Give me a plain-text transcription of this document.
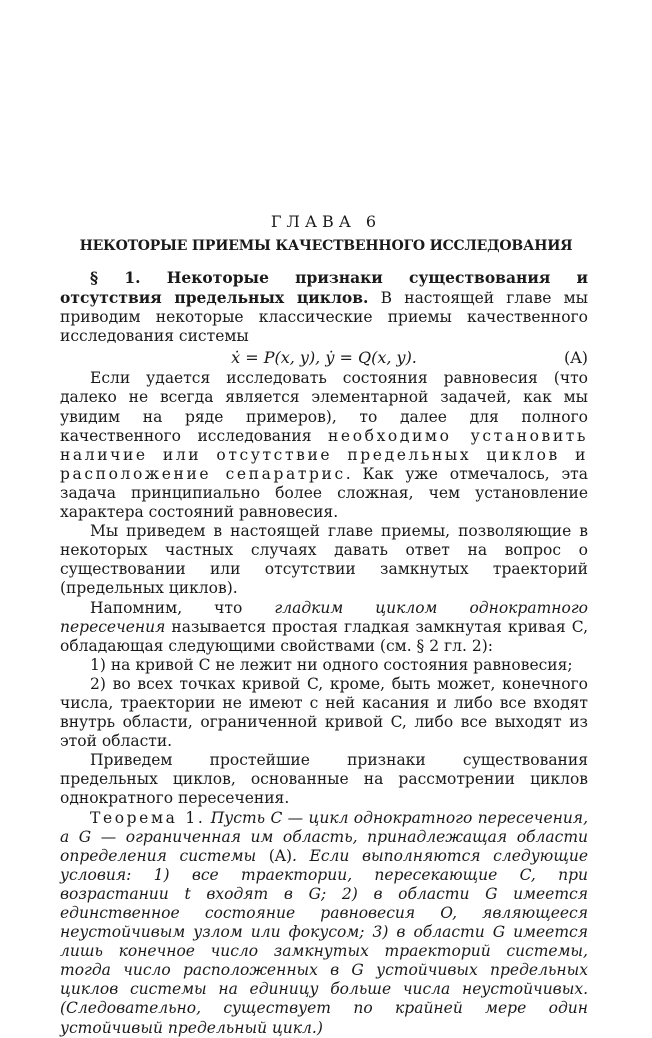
ГЛАВА 6
НЕКОТОРЫЕ ПРИЕМЫ КАЧЕСТВЕННОГО ИССЛЕДОВАНИЯ

§ 1. Некоторые признаки существования и отсутствия предельных циклов. В настоящей главе мы приводим некоторые классические приемы качественного исследования системы

ẋ = P(x, y), ẏ = Q(x, y).	(A)

Если удается исследовать состояния равновесия (что далеко не всегда является элементарной задачей, как мы увидим на ряде примеров), то далее для полного качественного исследования необходимо установить наличие или отсутствие предельных циклов и расположение сепаратрис. Как уже отмечалось, эта задача принципиально более сложная, чем установление характера состояний равновесия.

Мы приведем в настоящей главе приемы, позволяющие в некоторых частных случаях давать ответ на вопрос о существовании или отсутствии замкнутых траекторий (предельных циклов).

Напомним, что гладким циклом однократного пересечения называется простая гладкая замкнутая кривая C, обладающая следующими свойствами (см. § 2 гл. 2):

1) на кривой C не лежит ни одного состояния равновесия;

2) во всех точках кривой C, кроме, быть может, конечного числа, траектории не имеют с ней касания и либо все входят внутрь области, ограниченной кривой C, либо все выходят из этой области.

Приведем простейшие признаки существования предельных циклов, основанные на рассмотрении циклов однократного пересечения.

Теорема 1. Пусть C — цикл однократного пересечения, a G — ограниченная им область, принадлежащая области определения системы (A). Если выполняются следующие условия: 1) все траектории, пересекающие C, при возрастании t входят в G; 2) в области G имеется единственное состояние равновесия O, являющееся неустойчивым узлом или фокусом; 3) в области G имеется лишь конечное число замкнутых траекторий системы, тогда число расположенных в G устойчивых предельных циклов системы на единицу больше числа неустойчивых. (Следовательно, существует по крайней мере один устойчивый предельный цикл.)
